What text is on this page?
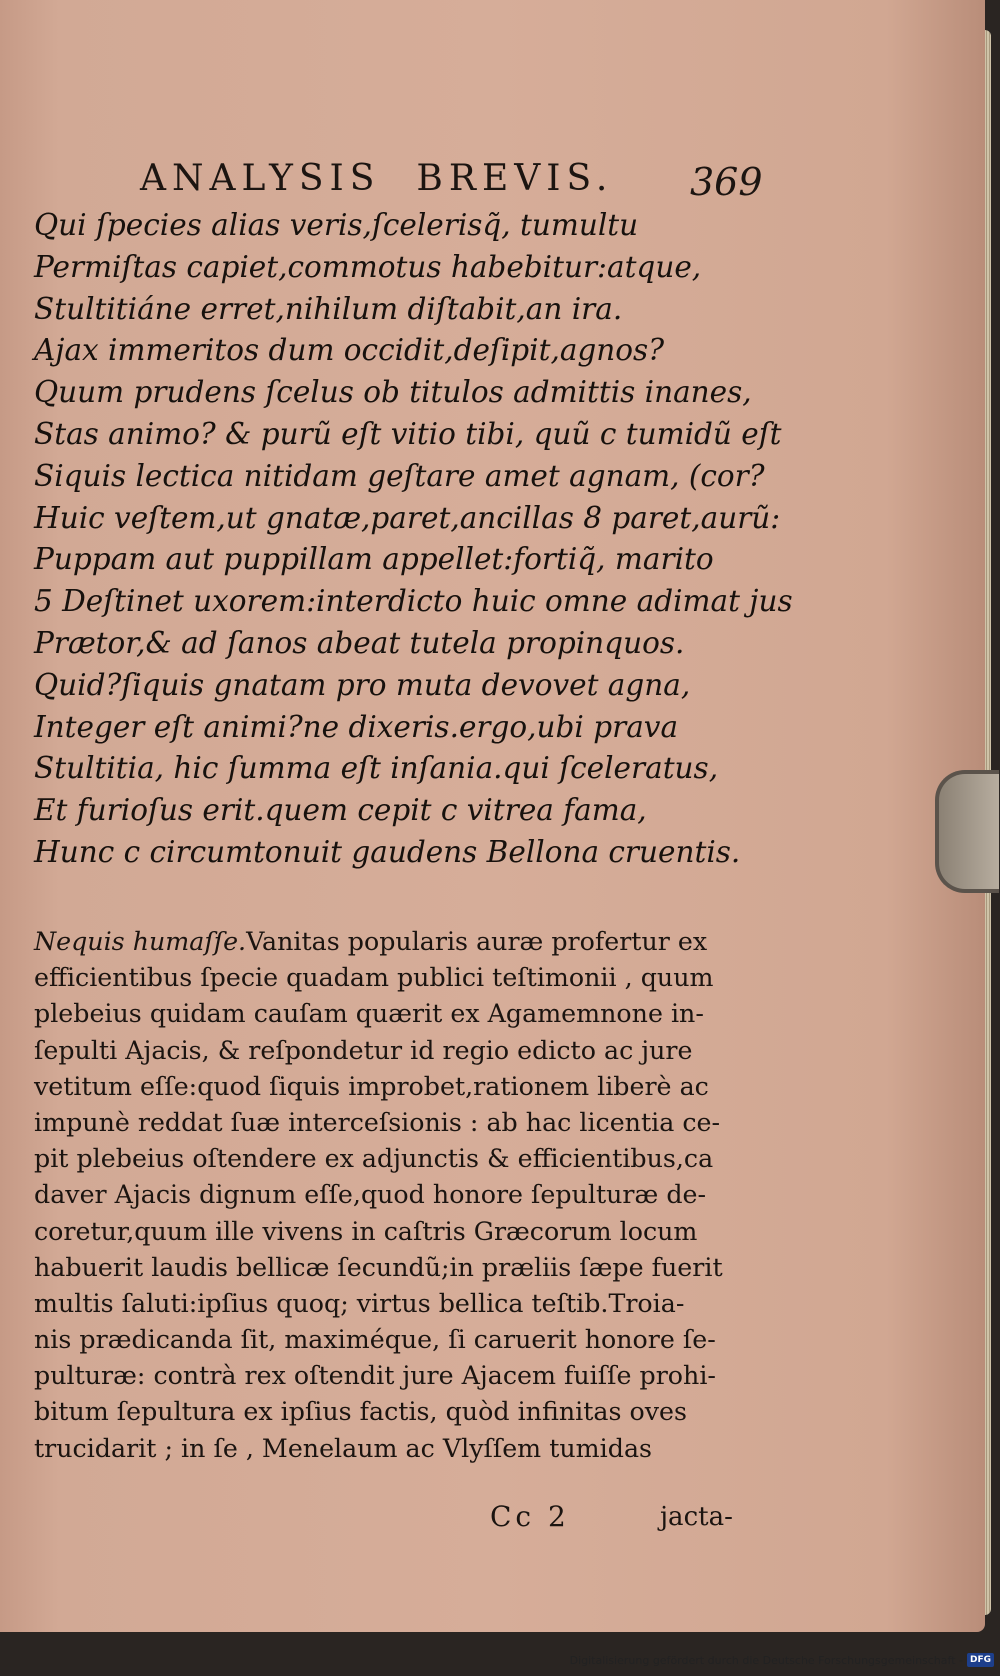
ANALYSIS BREVIS. 369
Qui ſpecies alias veris,ſcelerisq̃, tumultu
Permiſtas capiet,commotus habebitur:atque,
Stultitiáne erret,nihilum diſtabit,an ira.
Ajax immeritos dum occidit,deſipit,agnos?
Quum prudens ſcelus ob titulos admittis inanes,
Stas animo? & purũ eſt vitio tibi, quũ c tumidũ eſt
Siquis lectica nitidam geſtare amet agnam, (cor?
Huic veſtem,ut gnatæ,paret,ancillas 8 paret,aurũ:
Puppam aut puppillam appellet:fortiq̃, marito
5 Deſtinet uxorem:interdicto huic omne adimat jus
Prætor,& ad ſanos abeat tutela propinquos.
Quid?ſiquis gnatam pro muta devovet agna,
Integer eſt animi?ne dixeris.ergo,ubi prava
Stultitia, hic ſumma eſt inſania.qui ſceleratus,
Et furioſus erit.quem cepit c vitrea fama,
Hunc c circumtonuit gaudens Bellona cruentis.
Nequis humaſſe.Vanitas popularis auræ profertur ex
efficientibus ſpecie quadam publici teſtimonii , quum
plebeius quidam cauſam quærit ex Agamemnone in-
ſepulti Ajacis, & reſpondetur id regio edicto ac jure
vetitum eſſe:quod ſiquis improbet,rationem liberè ac
impunè reddat ſuæ interceſsionis : ab hac licentia ce-
pit plebeius oſtendere ex adjunctis & efficientibus,ca
daver Ajacis dignum eſſe,quod honore ſepulturæ de-
coretur,quum ille vivens in caſtris Græcorum locum
habuerit laudis bellicæ ſecundũ;in præliis ſæpe fuerit
multis ſaluti:ipſius quoq; virtus bellica teſtib.Troia-
nis prædicanda ſit, maximéque, ſi caruerit honore ſe-
pulturæ: contrà rex oſtendit jure Ajacem fuiſſe prohi-
bitum ſepultura ex ipſius factis, quòd infinitas oves
trucidarit ; in ſe , Menelaum ac Vlyſſem tumidas
Cc 2	jacta-
Digitalisierung gefördert durch die Deutsche Forschungsgemeinschaft - DFG
